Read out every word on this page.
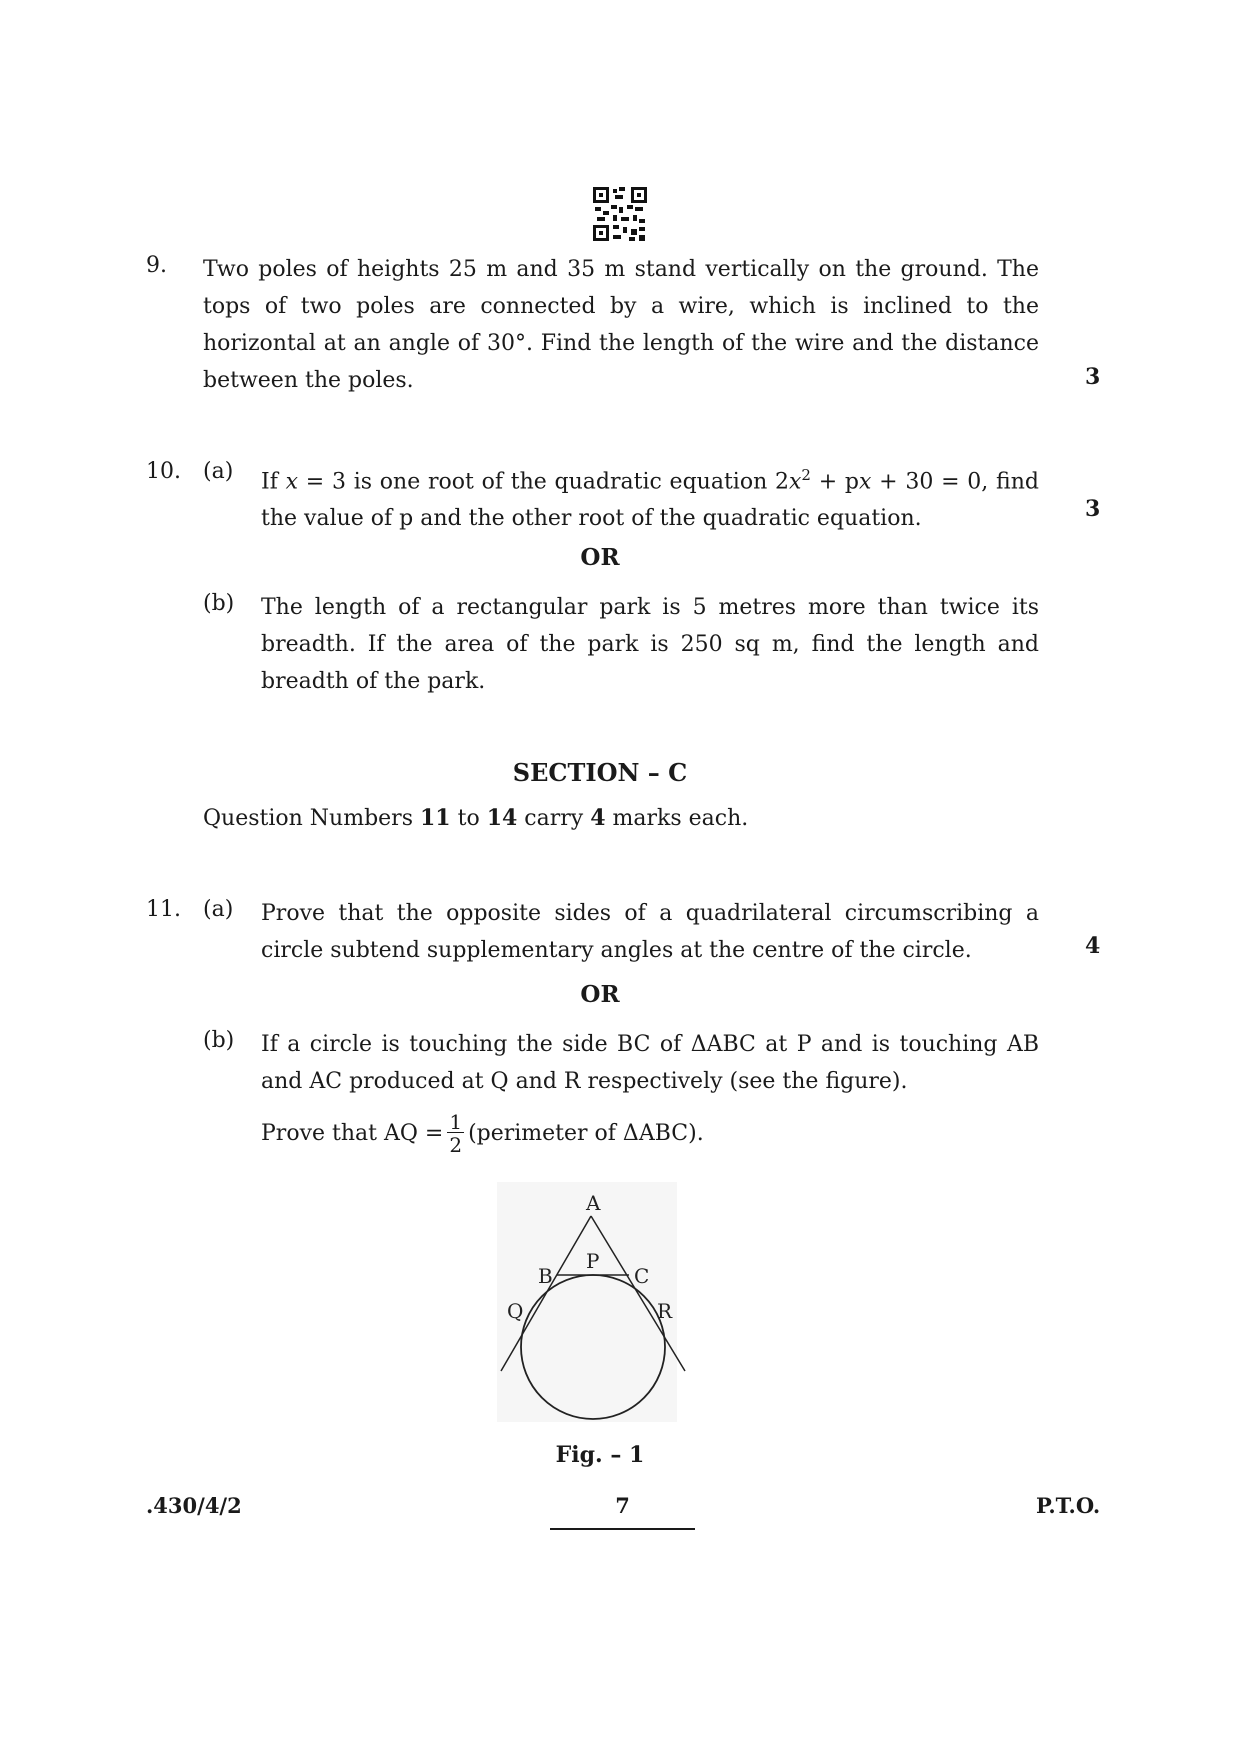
9. Two poles of heights 25 m and 35 m stand vertically on the ground. The tops of two poles are connected by a wire, which is inclined to the horizontal at an angle of 30°. Find the length of the wire and the distance between the poles.	3
10. (a) If x = 3 is one root of the quadratic equation $2x^2$ + px + 30 = 0, find the value of p and the other root of the quadratic equation.	3
OR
(b) The length of a rectangular park is 5 metres more than twice its breadth. If the area of the park is 250 sq m, find the length and breadth of the park.
SECTION – C
Question Numbers 11 to 14 carry 4 marks each.
11. (a) Prove that the opposite sides of a quadrilateral circumscribing a circle subtend supplementary angles at the centre of the circle.	4
OR
(b) If a circle is touching the side BC of ΔABC at P and is touching AB and AC produced at Q and R respectively (see the figure).
Prove that AQ = $\frac{1}{2}$ (perimeter of ΔABC).
A
P
B	C
Q	R
Fig. – 1
.430/4/2	7	P.T.O.
